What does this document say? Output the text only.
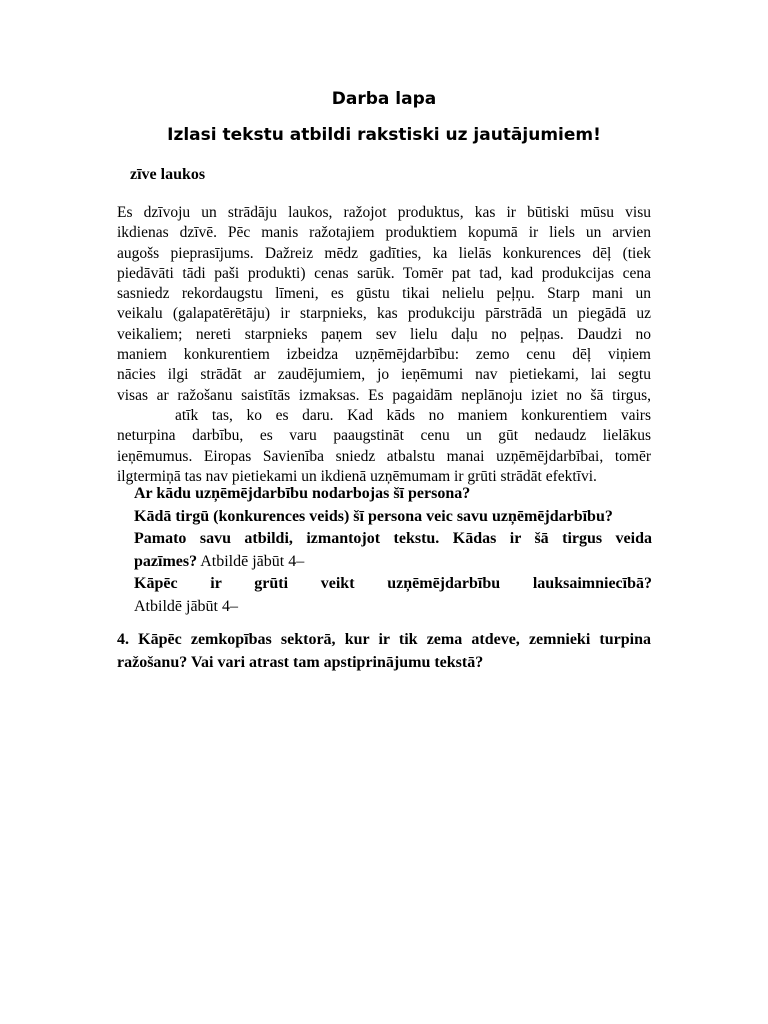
Darba lapa
Izlasi tekstu atbildi rakstiski uz jautājumiem!
zīve laukos
Es dzīvoju un strādāju laukos, ražojot produktus, kas ir būtiski mūsu visu
ikdienas dzīvē. Pēc manis ražotajiem produktiem kopumā ir liels un arvien
augošs pieprasījums. Dažreiz mēdz gadīties, ka lielās konkurences dēļ (tiek
piedāvāti tādi paši produkti) cenas sarūk. Tomēr pat tad, kad produkcijas cena
sasniedz rekordaugstu līmeni, es gūstu tikai nelielu peļņu. Starp mani un
veikalu (galapatērētāju) ir starpnieks, kas produkciju pārstrādā un piegādā uz
veikaliem; nereti starpnieks paņem sev lielu daļu no peļņas. Daudzi no
maniem konkurentiem izbeidza uzņēmējdarbību: zemo cenu dēļ viņiem
nācies ilgi strādāt ar zaudējumiem, jo ieņēmumi nav pietiekami, lai segtu
visas ar ražošanu saistītās izmaksas. Es pagaidām neplānoju iziet no šā tirgus,
atīk tas, ko es daru. Kad kāds no maniem konkurentiem vairs
neturpina darbību, es varu paaugstināt cenu un gūt nedaudz lielākus
ieņēmumus. Eiropas Savienība sniedz atbalstu manai uzņēmējdarbībai, tomēr
ilgtermiņā tas nav pietiekami un ikdienā uzņēmumam ir grūti strādāt efektīvi.
Ar kādu uzņēmējdarbību nodarbojas šī persona?
Kādā tirgū (konkurences veids) šī persona veic savu uzņēmējdarbību?
Pamato savu atbildi, izmantojot tekstu. Kādas ir šā tirgus veida
pazīmes? Atbildē jābūt 4–
Kāpēc ir grūti veikt uzņēmējdarbību lauksaimniecībā?
Atbildē jābūt 4–
4. Kāpēc zemkopības sektorā, kur ir tik zema atdeve, zemnieki turpina
ražošanu? Vai vari atrast tam apstiprinājumu tekstā?
